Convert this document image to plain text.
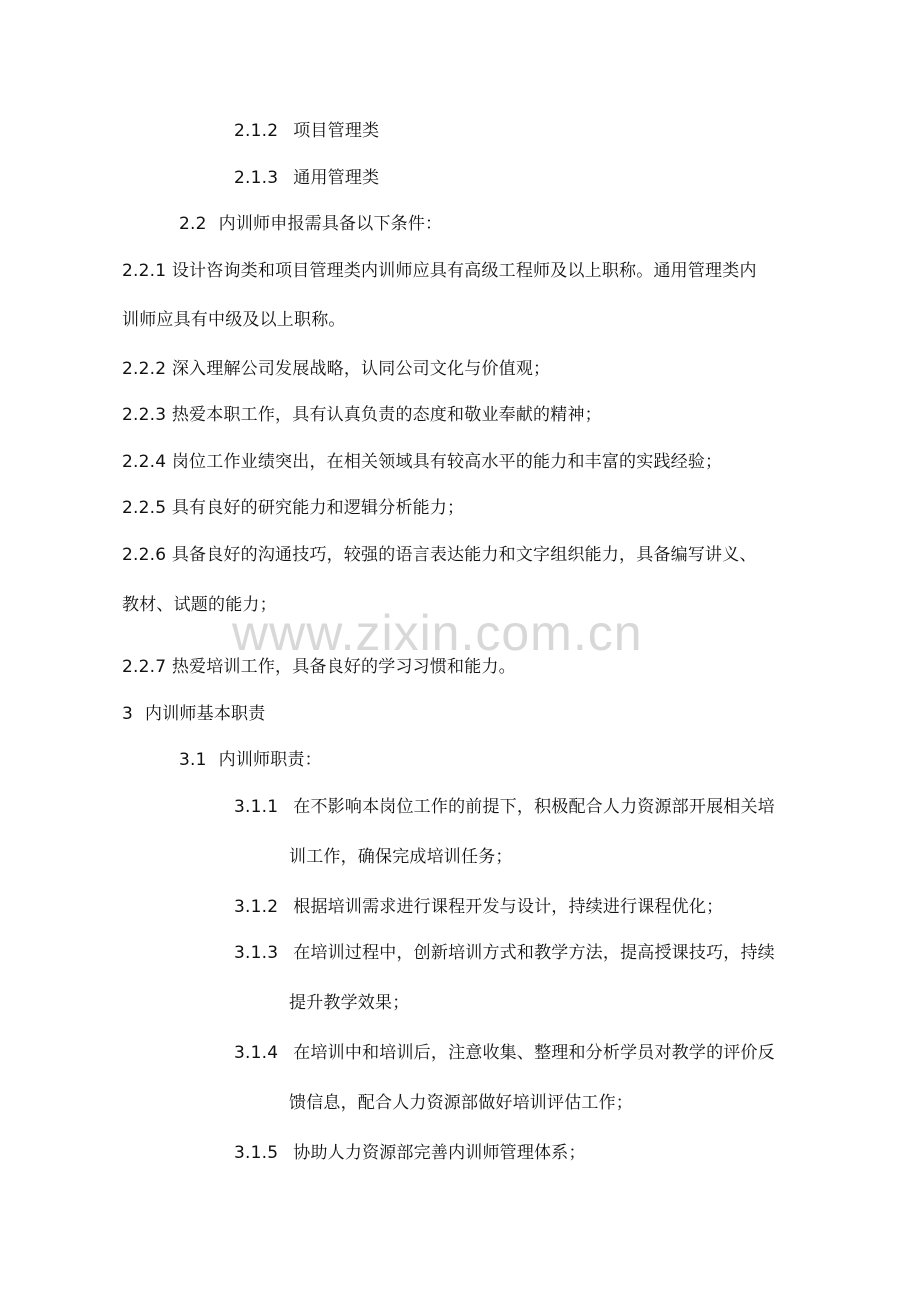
www.zixin.com.cn
2.1.2 项目管理类
2.1.3 通用管理类
2.2 内训师申报需具备以下条件：
2.2.1 设计咨询类和项目管理类内训师应具有高级工程师及以上职称。通用管理类内
训师应具有中级及以上职称。
2.2.2 深入理解公司发展战略，认同公司文化与价值观；
2.2.3 热爱本职工作，具有认真负责的态度和敬业奉献的精神；
2.2.4 岗位工作业绩突出，在相关领域具有较高水平的能力和丰富的实践经验；
2.2.5 具有良好的研究能力和逻辑分析能力；
2.2.6 具备良好的沟通技巧，较强的语言表达能力和文字组织能力，具备编写讲义、
教材、试题的能力；
2.2.7 热爱培训工作，具备良好的学习习惯和能力。
3 内训师基本职责
3.1 内训师职责：
3.1.1 在不影响本岗位工作的前提下，积极配合人力资源部开展相关培
训工作，确保完成培训任务；
3.1.2 根据培训需求进行课程开发与设计，持续进行课程优化；
3.1.3 在培训过程中，创新培训方式和教学方法，提高授课技巧，持续
提升教学效果；
3.1.4 在培训中和培训后，注意收集、整理和分析学员对教学的评价反
馈信息，配合人力资源部做好培训评估工作；
3.1.5 协助人力资源部完善内训师管理体系；
